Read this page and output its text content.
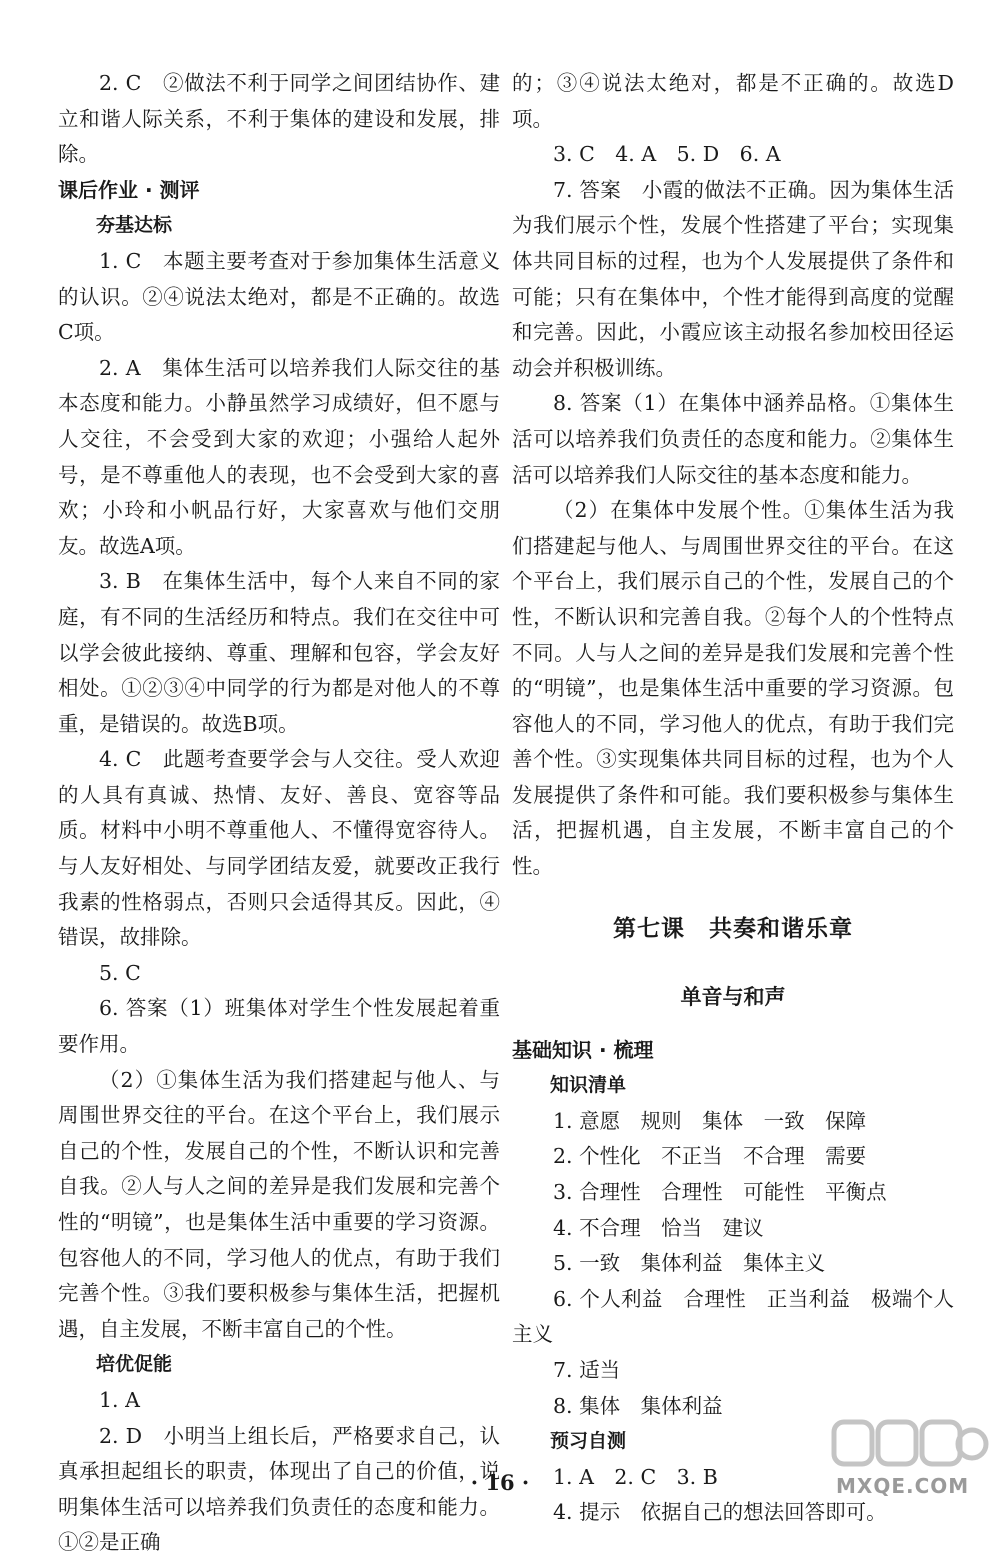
2. C　②做法不利于同学之间团结协作、建立和谐人际关系，不利于集体的建设和发展，排除。

课后作业 · 测评
夯基达标

1. C　本题主要考查对于参加集体生活意义的认识。②④说法太绝对，都是不正确的。故选C项。

2. A　集体生活可以培养我们人际交往的基本态度和能力。小静虽然学习成绩好，但不愿与人交往，不会受到大家的欢迎；小强给人起外号，是不尊重他人的表现，也不会受到大家的喜欢；小玲和小帆品行好，大家喜欢与他们交朋友。故选A项。

3. B　在集体生活中，每个人来自不同的家庭，有不同的生活经历和特点。我们在交往中可以学会彼此接纳、尊重、理解和包容，学会友好相处。①②③④中同学的行为都是对他人的不尊重，是错误的。故选B项。

4. C　此题考查要学会与人交往。受人欢迎的人具有真诚、热情、友好、善良、宽容等品质。材料中小明不尊重他人、不懂得宽容待人。与人友好相处、与同学团结友爱，就要改正我行我素的性格弱点，否则只会适得其反。因此，④错误，故排除。

5. C

6. 答案（1）班集体对学生个性发展起着重要作用。

（2）①集体生活为我们搭建起与他人、与周围世界交往的平台。在这个平台上，我们展示自己的个性，发展自己的个性，不断认识和完善自我。②人与人之间的差异是我们发展和完善个性的“明镜”，也是集体生活中重要的学习资源。包容他人的不同，学习他人的优点，有助于我们完善个性。③我们要积极参与集体生活，把握机遇，自主发展，不断丰富自己的个性。

培优促能

1. A

2. D　小明当上组长后，严格要求自己，认真承担起组长的职责，体现出了自己的价值，说明集体生活可以培养我们负责任的态度和能力。①②是正确

的；③④说法太绝对，都是不正确的。故选D项。

3. C　4. A　5. D　6. A

7. 答案　小霞的做法不正确。因为集体生活为我们展示个性，发展个性搭建了平台；实现集体共同目标的过程，也为个人发展提供了条件和可能；只有在集体中，个性才能得到高度的觉醒和完善。因此，小霞应该主动报名参加校田径运动会并积极训练。

8. 答案（1）在集体中涵养品格。①集体生活可以培养我们负责任的态度和能力。②集体生活可以培养我们人际交往的基本态度和能力。

（2）在集体中发展个性。①集体生活为我们搭建起与他人、与周围世界交往的平台。在这个平台上，我们展示自己的个性，发展自己的个性，不断认识和完善自我。②每个人的个性特点不同。人与人之间的差异是我们发展和完善个性的“明镜”，也是集体生活中重要的学习资源。包容他人的不同，学习他人的优点，有助于我们完善个性。③实现集体共同目标的过程，也为个人发展提供了条件和可能。我们要积极参与集体生活，把握机遇，自主发展，不断丰富自己的个性。

第七课　共奏和谐乐章
单音与和声
基础知识 · 梳理
知识清单

1. 意愿　规则　集体　一致　保障

2. 个性化　不正当　不合理　需要

3. 合理性　合理性　可能性　平衡点

4. 不合理　恰当　建议

5. 一致　集体利益　集体主义

6. 个人利益　合理性　正当利益　极端个人主义

7. 适当

8. 集体　集体利益

预习自测

1. A　2. C　3. B

4. 提示　依据自己的想法回答即可。

· 16 ·	MXQE.COM
